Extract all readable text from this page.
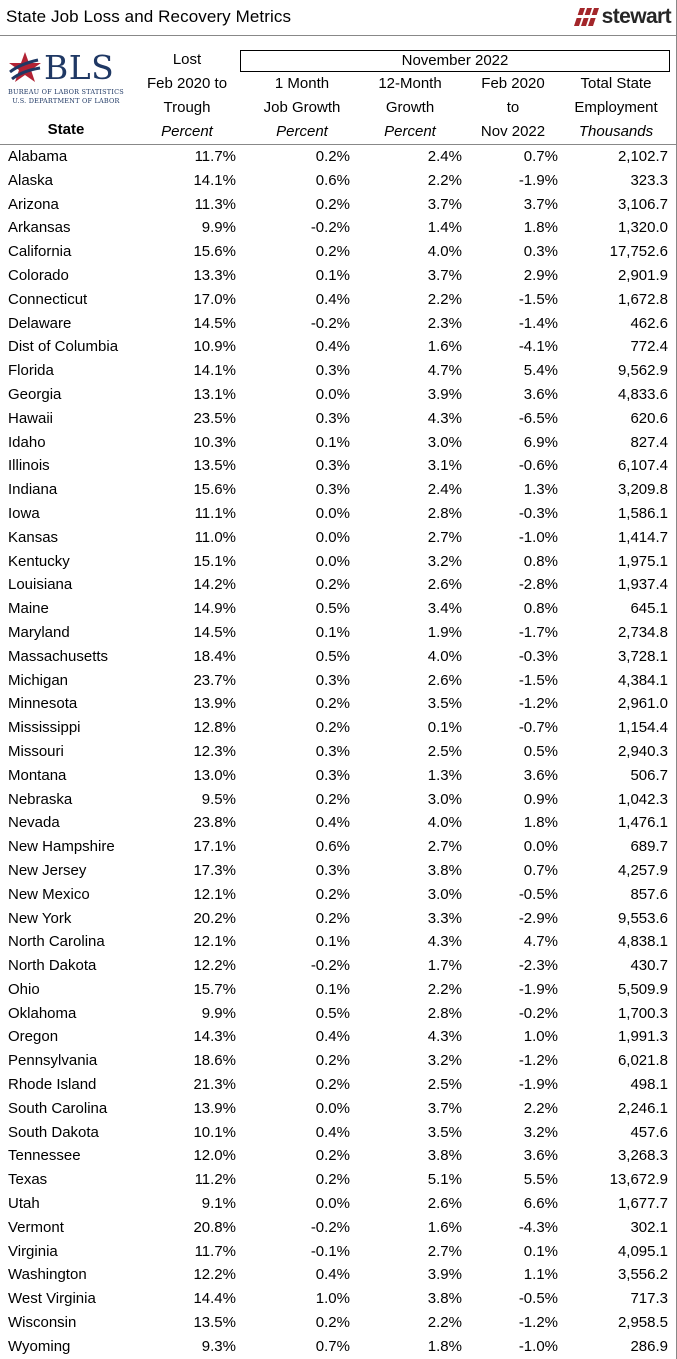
State Job Loss and Recovery Metrics	stewart
BLS
BUREAU OF LABOR STATISTICS
U.S. DEPARTMENT OF LABOR
November 2022
Lost
Feb 2020 to
Trough
Percent
1 Month
Job Growth
Percent
12-Month
Growth
Percent
Feb 2020
to
Nov 2022
Total State
Employment
Thousands
State
Alabama	11.7%	0.2%	2.4%	0.7%	2,102.7
Alaska	14.1%	0.6%	2.2%	-1.9%	323.3
Arizona	11.3%	0.2%	3.7%	3.7%	3,106.7
Arkansas	9.9%	-0.2%	1.4%	1.8%	1,320.0
California	15.6%	0.2%	4.0%	0.3%	17,752.6
Colorado	13.3%	0.1%	3.7%	2.9%	2,901.9
Connecticut	17.0%	0.4%	2.2%	-1.5%	1,672.8
Delaware	14.5%	-0.2%	2.3%	-1.4%	462.6
Dist of Columbia	10.9%	0.4%	1.6%	-4.1%	772.4
Florida	14.1%	0.3%	4.7%	5.4%	9,562.9
Georgia	13.1%	0.0%	3.9%	3.6%	4,833.6
Hawaii	23.5%	0.3%	4.3%	-6.5%	620.6
Idaho	10.3%	0.1%	3.0%	6.9%	827.4
Illinois	13.5%	0.3%	3.1%	-0.6%	6,107.4
Indiana	15.6%	0.3%	2.4%	1.3%	3,209.8
Iowa	11.1%	0.0%	2.8%	-0.3%	1,586.1
Kansas	11.0%	0.0%	2.7%	-1.0%	1,414.7
Kentucky	15.1%	0.0%	3.2%	0.8%	1,975.1
Louisiana	14.2%	0.2%	2.6%	-2.8%	1,937.4
Maine	14.9%	0.5%	3.4%	0.8%	645.1
Maryland	14.5%	0.1%	1.9%	-1.7%	2,734.8
Massachusetts	18.4%	0.5%	4.0%	-0.3%	3,728.1
Michigan	23.7%	0.3%	2.6%	-1.5%	4,384.1
Minnesota	13.9%	0.2%	3.5%	-1.2%	2,961.0
Mississippi	12.8%	0.2%	0.1%	-0.7%	1,154.4
Missouri	12.3%	0.3%	2.5%	0.5%	2,940.3
Montana	13.0%	0.3%	1.3%	3.6%	506.7
Nebraska	9.5%	0.2%	3.0%	0.9%	1,042.3
Nevada	23.8%	0.4%	4.0%	1.8%	1,476.1
New Hampshire	17.1%	0.6%	2.7%	0.0%	689.7
New Jersey	17.3%	0.3%	3.8%	0.7%	4,257.9
New Mexico	12.1%	0.2%	3.0%	-0.5%	857.6
New York	20.2%	0.2%	3.3%	-2.9%	9,553.6
North Carolina	12.1%	0.1%	4.3%	4.7%	4,838.1
North Dakota	12.2%	-0.2%	1.7%	-2.3%	430.7
Ohio	15.7%	0.1%	2.2%	-1.9%	5,509.9
Oklahoma	9.9%	0.5%	2.8%	-0.2%	1,700.3
Oregon	14.3%	0.4%	4.3%	1.0%	1,991.3
Pennsylvania	18.6%	0.2%	3.2%	-1.2%	6,021.8
Rhode Island	21.3%	0.2%	2.5%	-1.9%	498.1
South Carolina	13.9%	0.0%	3.7%	2.2%	2,246.1
South Dakota	10.1%	0.4%	3.5%	3.2%	457.6
Tennessee	12.0%	0.2%	3.8%	3.6%	3,268.3
Texas	11.2%	0.2%	5.1%	5.5%	13,672.9
Utah	9.1%	0.0%	2.6%	6.6%	1,677.7
Vermont	20.8%	-0.2%	1.6%	-4.3%	302.1
Virginia	11.7%	-0.1%	2.7%	0.1%	4,095.1
Washington	12.2%	0.4%	3.9%	1.1%	3,556.2
West Virginia	14.4%	1.0%	3.8%	-0.5%	717.3
Wisconsin	13.5%	0.2%	2.2%	-1.2%	2,958.5
Wyoming	9.3%	0.7%	1.8%	-1.0%	286.9
